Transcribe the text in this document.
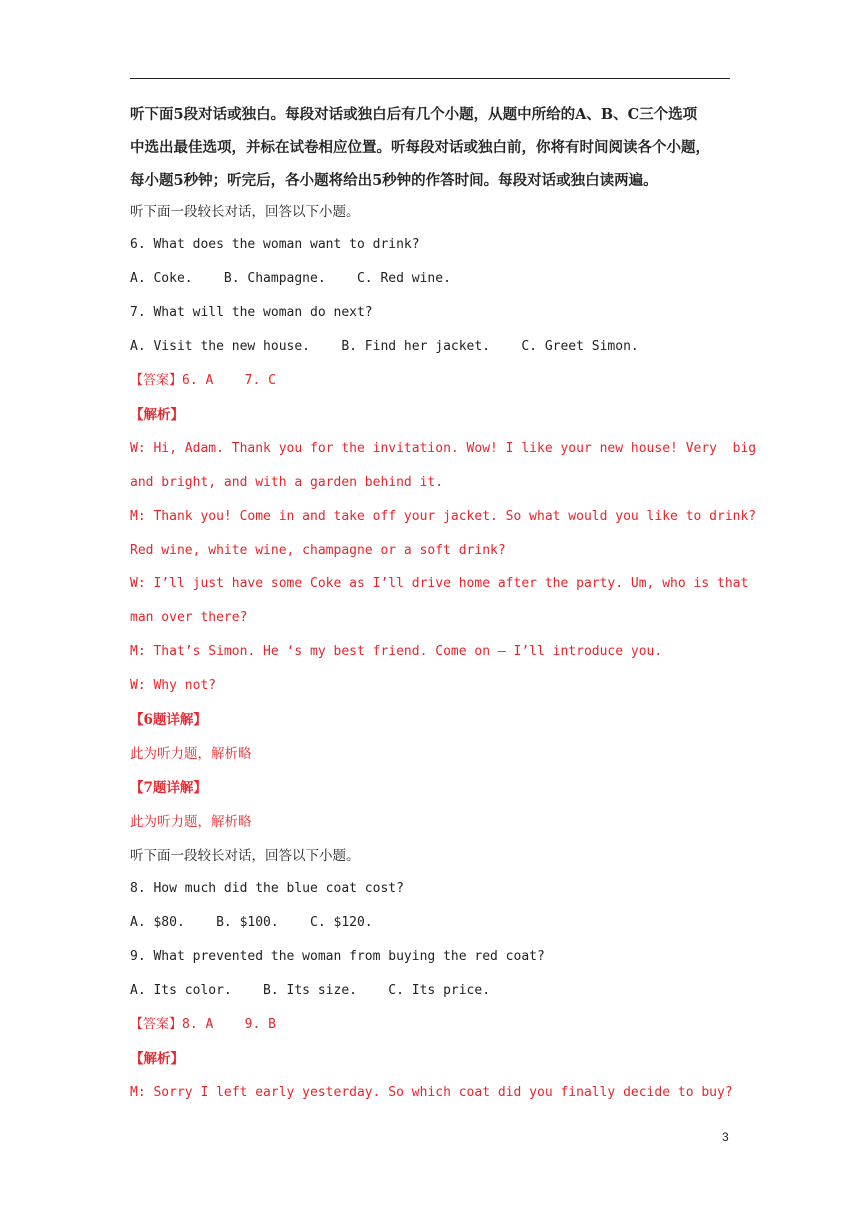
听下面5段对话或独白。每段对话或独白后有几个小题，从题中所给的A、B、C三个选项
中选出最佳选项，并标在试卷相应位置。听每段对话或独白前，你将有时间阅读各个小题，
每小题5秒钟；听完后，各小题将给出5秒钟的作答时间。每段对话或独白读两遍。
听下面一段较长对话，回答以下小题。
6. What does the woman want to drink?
A. Coke.    B. Champagne.    C. Red wine.
7. What will the woman do next?
A. Visit the new house.    B. Find her jacket.    C. Greet Simon.
【答案】6. A    7. C
【解析】
W: Hi, Adam. Thank you for the invitation. Wow! I like your new house! Very  big
and bright, and with a garden behind it.
M: Thank you! Come in and take off your jacket. So what would you like to drink?
Red wine, white wine, champagne or a soft drink?
W: I’ll just have some Coke as I’ll drive home after the party. Um, who is that
man over there?
M: That’s Simon. He ‘s my best friend. Come on — I’ll introduce you.
W: Why not?
【6题详解】
此为听力题，解析略
【7题详解】
此为听力题，解析略
听下面一段较长对话，回答以下小题。
8. How much did the blue coat cost?
A. $80.    B. $100.    C. $120.
9. What prevented the woman from buying the red coat?
A. Its color.    B. Its size.    C. Its price.
【答案】8. A    9. B
【解析】
M: Sorry I left early yesterday. So which coat did you finally decide to buy?
3
